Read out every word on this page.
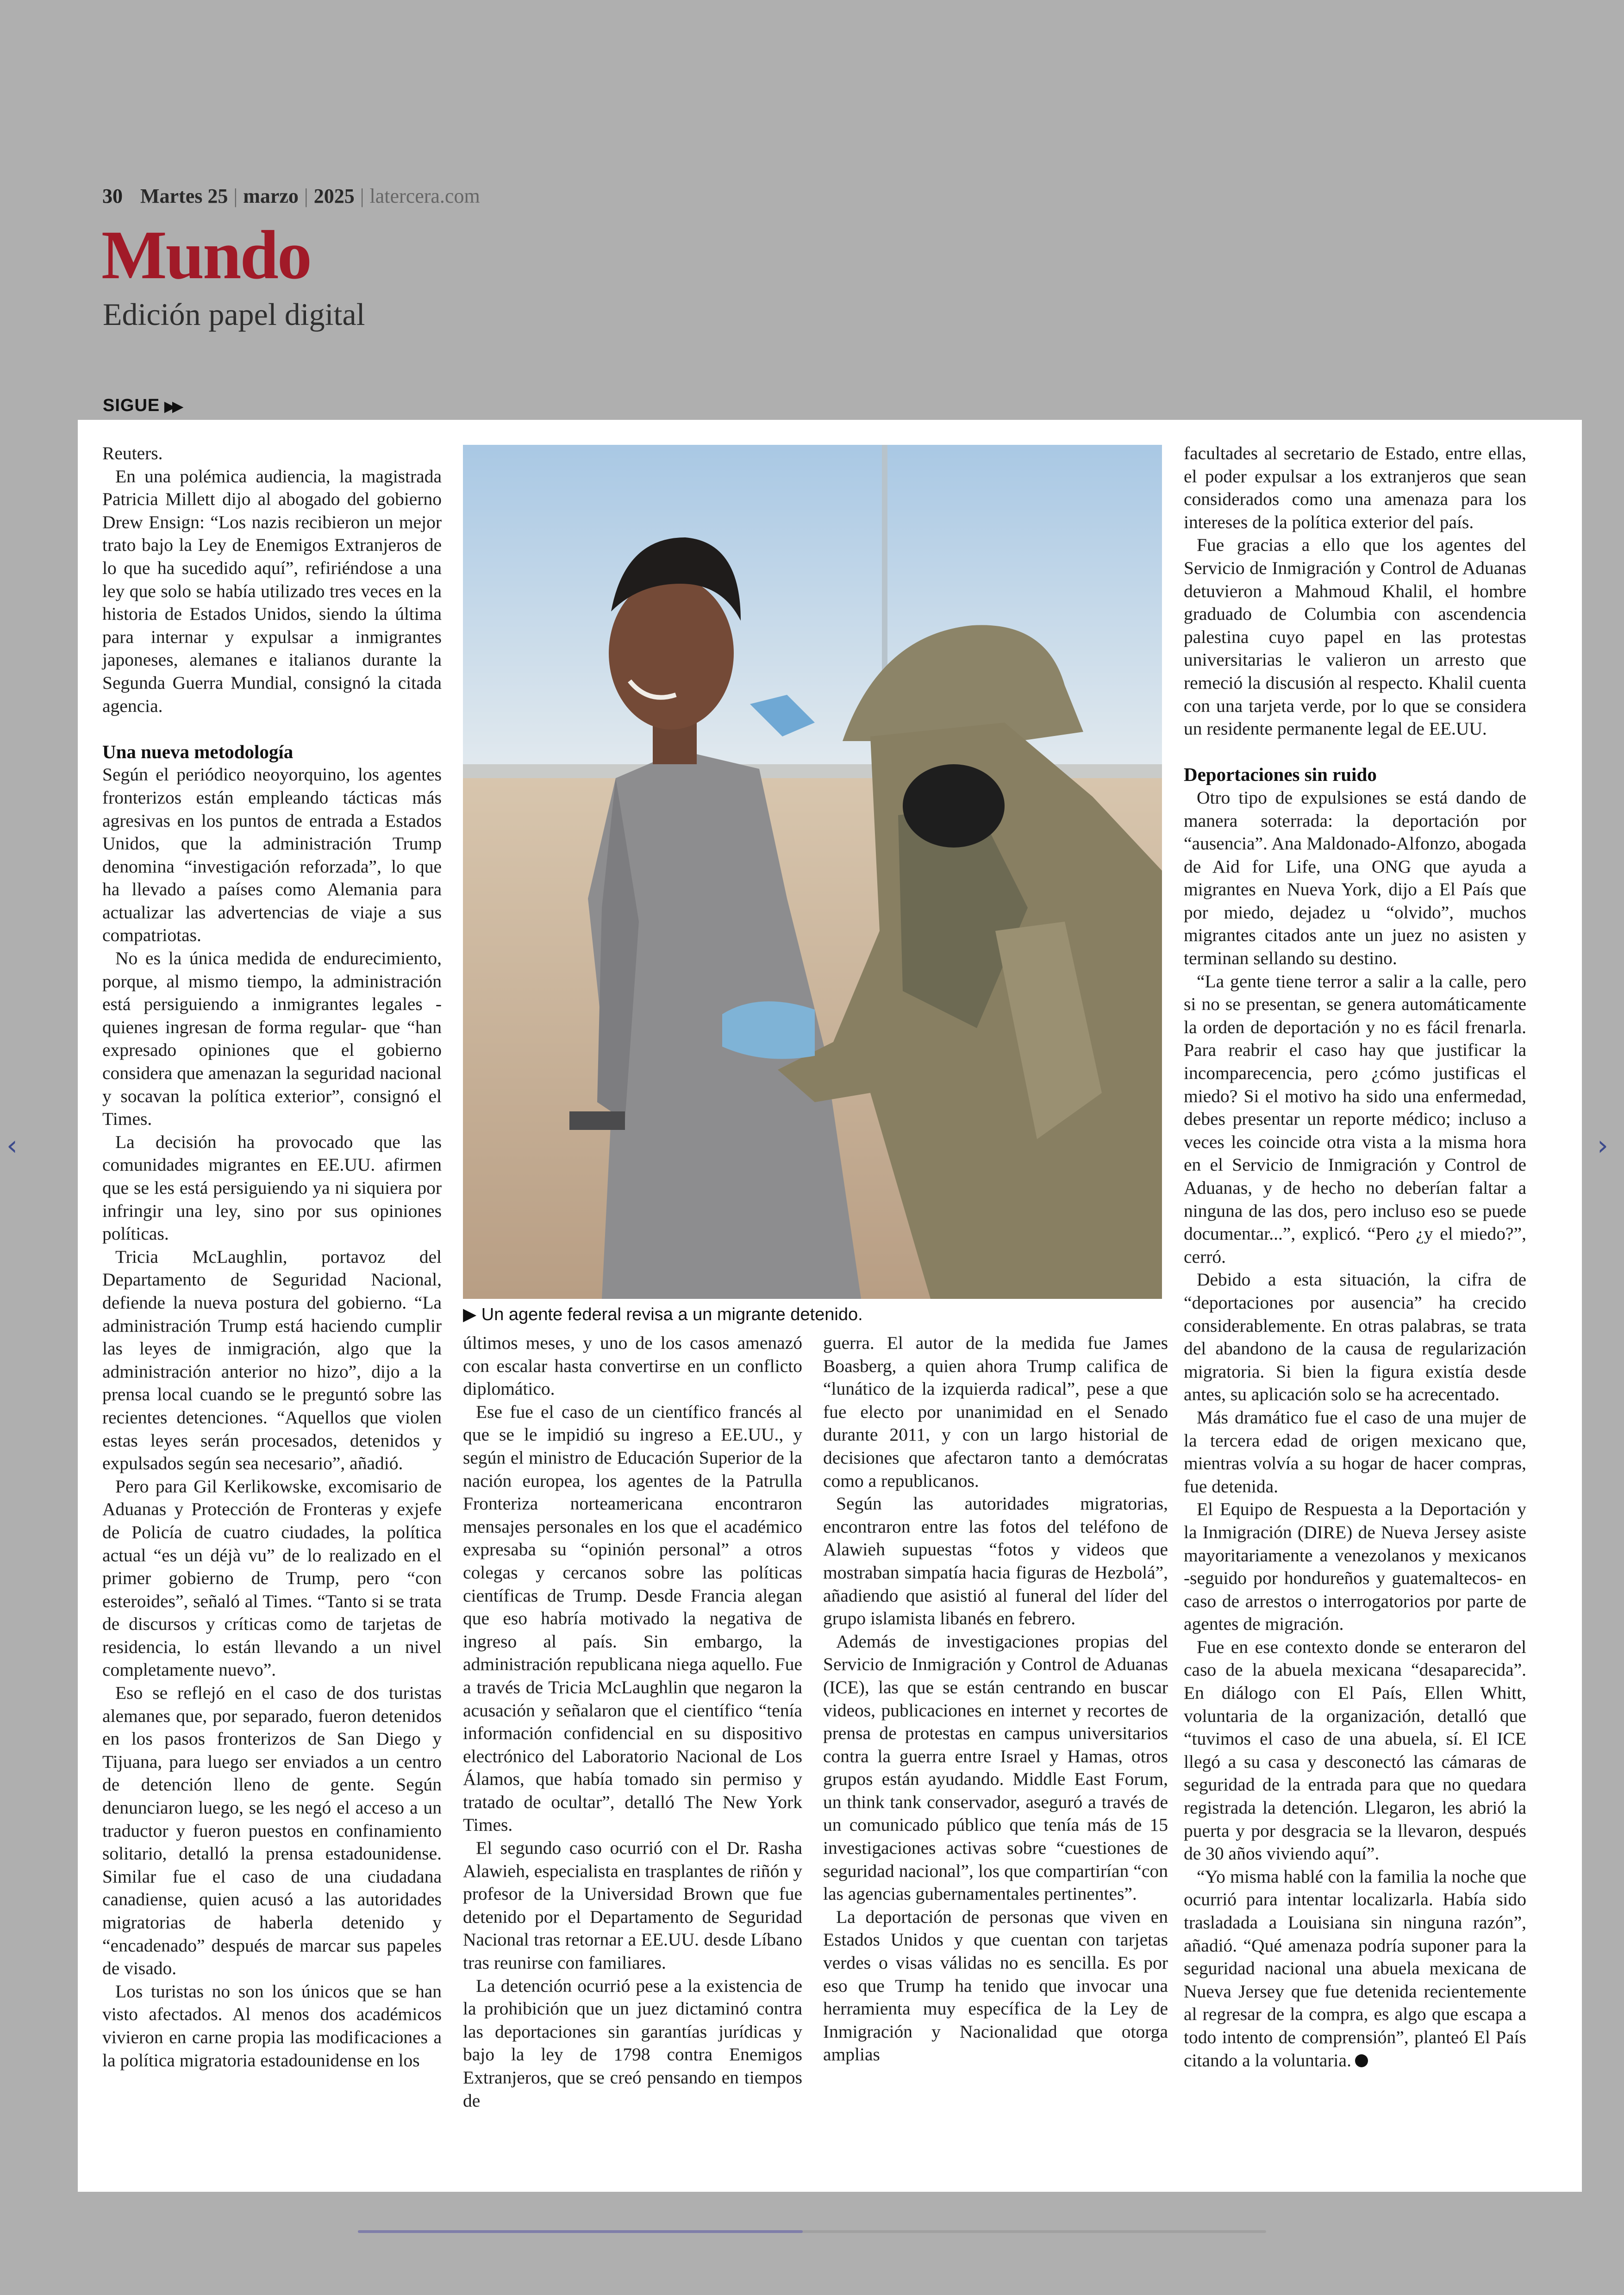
30 Martes 25 | marzo | 2025 | latercera.com
Mundo
Edición papel digital
SIGUE ▶▶

Reuters.

En una polémica audiencia, la magistrada Patricia Millett dijo al abogado del gobierno Drew Ensign: “Los nazis recibieron un mejor trato bajo la Ley de Enemigos Extranjeros de lo que ha sucedido aquí”, refiriéndose a una ley que solo se había utilizado tres veces en la historia de Estados Unidos, siendo la última para internar y expulsar a inmigrantes japoneses, alemanes e italianos durante la Segunda Guerra Mundial, consignó la citada agencia.

Una nueva metodología

Según el periódico neoyorquino, los agentes fronterizos están empleando tácticas más agresivas en los puntos de entrada a Estados Unidos, que la administración Trump denomina “investigación reforzada”, lo que ha llevado a países como Alemania para actualizar las advertencias de viaje a sus compatriotas.

No es la única medida de endurecimiento, porque, al mismo tiempo, la administración está persiguiendo a inmigrantes legales -quienes ingresan de forma regular- que “han expresado opiniones que el gobierno considera que amenazan la seguridad nacional y socavan la política exterior”, consignó el Times.

La decisión ha provocado que las comunidades migrantes en EE.UU. afirmen que se les está persiguiendo ya ni siquiera por infringir una ley, sino por sus opiniones políticas.

Tricia McLaughlin, portavoz del Departamento de Seguridad Nacional, defiende la nueva postura del gobierno. “La administración Trump está haciendo cumplir las leyes de inmigración, algo que la administración anterior no hizo”, dijo a la prensa local cuando se le preguntó sobre las recientes detenciones. “Aquellos que violen estas leyes serán procesados, detenidos y expulsados según sea necesario”, añadió.

Pero para Gil Kerlikowske, excomisario de Aduanas y Protección de Fronteras y exjefe de Policía de cuatro ciudades, la política actual “es un déjà vu” de lo realizado en el primer gobierno de Trump, pero “con esteroides”, señaló al Times. “Tanto si se trata de discursos y críticas como de tarjetas de residencia, lo están llevando a un nivel completamente nuevo”.

Eso se reflejó en el caso de dos turistas alemanes que, por separado, fueron detenidos en los pasos fronterizos de San Diego y Tijuana, para luego ser enviados a un centro de detención lleno de gente. Según denunciaron luego, se les negó el acceso a un traductor y fueron puestos en confinamiento solitario, detalló la prensa estadounidense. Similar fue el caso de una ciudadana canadiense, quien acusó a las autoridades migratorias de haberla detenido y “encadenado” después de marcar sus papeles de visado.

Los turistas no son los únicos que se han visto afectados. Al menos dos académicos vivieron en carne propia las modificaciones a la política migratoria estadounidense en los

▶ Un agente federal revisa a un migrante detenido.

últimos meses, y uno de los casos amenazó con escalar hasta convertirse en un conflicto diplomático.

Ese fue el caso de un científico francés al que se le impidió su ingreso a EE.UU., y según el ministro de Educación Superior de la nación europea, los agentes de la Patrulla Fronteriza norteamericana encontraron mensajes personales en los que el académico expresaba su “opinión personal” a otros colegas y cercanos sobre las políticas científicas de Trump. Desde Francia alegan que eso habría motivado la negativa de ingreso al país. Sin embargo, la administración republicana niega aquello. Fue a través de Tricia McLaughlin que negaron la acusación y señalaron que el científico “tenía información confidencial en su dispositivo electrónico del Laboratorio Nacional de Los Álamos, que había tomado sin permiso y tratado de ocultar”, detalló The New York Times.

El segundo caso ocurrió con el Dr. Rasha Alawieh, especialista en trasplantes de riñón y profesor de la Universidad Brown que fue detenido por el Departamento de Seguridad Nacional tras retornar a EE.UU. desde Líbano tras reunirse con familiares.

La detención ocurrió pese a la existencia de la prohibición que un juez dictaminó contra las deportaciones sin garantías jurídicas y bajo la ley de 1798 contra Enemigos Extranjeros, que se creó pensando en tiempos de

guerra. El autor de la medida fue James Boasberg, a quien ahora Trump califica de “lunático de la izquierda radical”, pese a que fue electo por unanimidad en el Senado durante 2011, y con un largo historial de decisiones que afectaron tanto a demócratas como a republicanos.

Según las autoridades migratorias, encontraron entre las fotos del teléfono de Alawieh supuestas “fotos y videos que mostraban simpatía hacia figuras de Hezbolá”, añadiendo que asistió al funeral del líder del grupo islamista libanés en febrero.

Además de investigaciones propias del Servicio de Inmigración y Control de Aduanas (ICE), las que se están centrando en buscar videos, publicaciones en internet y recortes de prensa de protestas en campus universitarios contra la guerra entre Israel y Hamas, otros grupos están ayudando. Middle East Forum, un think tank conservador, aseguró a través de un comunicado público que tenía más de 15 investigaciones activas sobre “cuestiones de seguridad nacional”, los que compartirían “con las agencias gubernamentales pertinentes”.

La deportación de personas que viven en Estados Unidos y que cuentan con tarjetas verdes o visas válidas no es sencilla. Es por eso que Trump ha tenido que invocar una herramienta muy específica de la Ley de Inmigración y Nacionalidad que otorga amplias

facultades al secretario de Estado, entre ellas, el poder expulsar a los extranjeros que sean considerados como una amenaza para los intereses de la política exterior del país.

Fue gracias a ello que los agentes del Servicio de Inmigración y Control de Aduanas detuvieron a Mahmoud Khalil, el hombre graduado de Columbia con ascendencia palestina cuyo papel en las protestas universitarias le valieron un arresto que remeció la discusión al respecto. Khalil cuenta con una tarjeta verde, por lo que se considera un residente permanente legal de EE.UU.

Deportaciones sin ruido

Otro tipo de expulsiones se está dando de manera soterrada: la deportación por “ausencia”. Ana Maldonado-Alfonzo, abogada de Aid for Life, una ONG que ayuda a migrantes en Nueva York, dijo a El País que por miedo, dejadez u “olvido”, muchos migrantes citados ante un juez no asisten y terminan sellando su destino.

“La gente tiene terror a salir a la calle, pero si no se presentan, se genera automáticamente la orden de deportación y no es fácil frenarla. Para reabrir el caso hay que justificar la incomparecencia, pero ¿cómo justificas el miedo? Si el motivo ha sido una enfermedad, debes presentar un reporte médico; incluso a veces les coincide otra vista a la misma hora en el Servicio de Inmigración y Control de Aduanas, y de hecho no deberían faltar a ninguna de las dos, pero incluso eso se puede documentar...”, explicó. “Pero ¿y el miedo?”, cerró.

Debido a esta situación, la cifra de “deportaciones por ausencia” ha crecido considerablemente. En otras palabras, se trata del abandono de la causa de regularización migratoria. Si bien la figura existía desde antes, su aplicación solo se ha acrecentado.

Más dramático fue el caso de una mujer de la tercera edad de origen mexicano que, mientras volvía a su hogar de hacer compras, fue detenida.

El Equipo de Respuesta a la Deportación y la Inmigración (DIRE) de Nueva Jersey asiste mayoritariamente a venezolanos y mexicanos -seguido por hondureños y guatemaltecos- en caso de arrestos o interrogatorios por parte de agentes de migración.

Fue en ese contexto donde se enteraron del caso de la abuela mexicana “desaparecida”. En diálogo con El País, Ellen Whitt, voluntaria de la organización, detalló que “tuvimos el caso de una abuela, sí. El ICE llegó a su casa y desconectó las cámaras de seguridad de la entrada para que no quedara registrada la detención. Llegaron, les abrió la puerta y por desgracia se la llevaron, después de 30 años viviendo aquí”.

“Yo misma hablé con la familia la noche que ocurrió para intentar localizarla. Había sido trasladada a Louisiana sin ninguna razón”, añadió. “Qué amenaza podría suponer para la seguridad nacional una abuela mexicana de Nueva Jersey que fue detenida recientemente al regresar de la compra, es algo que escapa a todo intento de comprensión”, planteó El País citando a la voluntaria.

‹	›
